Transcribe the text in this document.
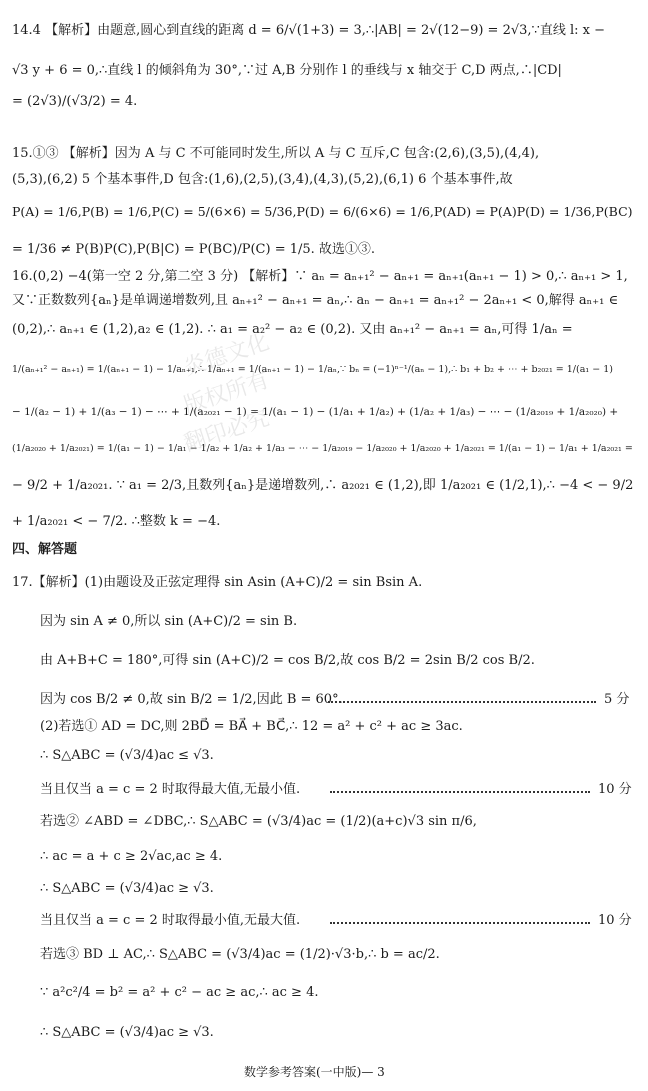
炎德文化
版权所有
翻印必究
14.4 【解析】由题意,圆心到直线的距离 d = 6/√(1+3) = 3,∴|AB| = 2√(12−9) = 2√3,∵直线 l: x −
√3 y + 6 = 0,∴直线 l 的倾斜角为 30°,∵过 A,B 分别作 l 的垂线与 x 轴交于 C,D 两点,∴|CD|
= (2√3)/(√3/2) = 4.
15.①③ 【解析】因为 A 与 C 不可能同时发生,所以 A 与 C 互斥,C 包含:(2,6),(3,5),(4,4),
(5,3),(6,2) 5 个基本事件,D 包含:(1,6),(2,5),(3,4),(4,3),(5,2),(6,1) 6 个基本事件,故
P(A) = 1/6,P(B) = 1/6,P(C) = 5/(6×6) = 5/36,P(D) = 6/(6×6) = 1/6,P(AD) = P(A)P(D) = 1/36,P(BC)
= 1/36 ≠ P(B)P(C),P(B|C) = P(BC)/P(C) = 1/5. 故选①③.
16.(0,2) −4(第一空 2 分,第二空 3 分) 【解析】∵ aₙ = aₙ₊₁² − aₙ₊₁ = aₙ₊₁(aₙ₊₁ − 1) > 0,∴ aₙ₊₁ > 1,
又∵正数数列{aₙ}是单调递增数列,且 aₙ₊₁² − aₙ₊₁ = aₙ,∴ aₙ − aₙ₊₁ = aₙ₊₁² − 2aₙ₊₁ < 0,解得 aₙ₊₁ ∈
(0,2),∴ aₙ₊₁ ∈ (1,2),a₂ ∈ (1,2). ∴ a₁ = a₂² − a₂ ∈ (0,2). 又由 aₙ₊₁² − aₙ₊₁ = aₙ,可得 1/aₙ =
1/(aₙ₊₁² − aₙ₊₁) = 1/(aₙ₊₁ − 1) − 1/aₙ₊₁,∴ 1/aₙ₊₁ = 1/(aₙ₊₁ − 1) − 1/aₙ,∵ bₙ = (−1)ⁿ⁻¹/(aₙ − 1),∴ b₁ + b₂ + ⋯ + b₂₀₂₁ = 1/(a₁ − 1)
− 1/(a₂ − 1) + 1/(a₃ − 1) − ⋯ + 1/(a₂₀₂₁ − 1) = 1/(a₁ − 1) − (1/a₁ + 1/a₂) + (1/a₂ + 1/a₃) − ⋯ − (1/a₂₀₁₉ + 1/a₂₀₂₀) +
(1/a₂₀₂₀ + 1/a₂₀₂₁) = 1/(a₁ − 1) − 1/a₁ − 1/a₂ + 1/a₂ + 1/a₃ − ⋯ − 1/a₂₀₁₉ − 1/a₂₀₂₀ + 1/a₂₀₂₀ + 1/a₂₀₂₁ = 1/(a₁ − 1) − 1/a₁ + 1/a₂₀₂₁ =
− 9/2 + 1/a₂₀₂₁. ∵ a₁ = 2/3,且数列{aₙ}是递增数列,∴ a₂₀₂₁ ∈ (1,2),即 1/a₂₀₂₁ ∈ (1/2,1),∴ −4 < − 9/2
+ 1/a₂₀₂₁ < − 7/2. ∴整数 k = −4.
四、解答题
17.【解析】(1)由题设及正弦定理得 sin Asin (A+C)/2 = sin Bsin A.
因为 sin A ≠ 0,所以 sin (A+C)/2 = sin B.
由 A+B+C = 180°,可得 sin (A+C)/2 = cos B/2,故 cos B/2 = 2sin B/2 cos B/2.
因为 cos B/2 ≠ 0,故 sin B/2 = 1/2,因此 B = 60°.	5 分
(2)若选① AD = DC,则 2BD⃗ = BA⃗ + BC⃗,∴ 12 = a² + c² + ac ≥ 3ac.
∴ S△ABC = (√3/4)ac ≤ √3.
当且仅当 a = c = 2 时取得最大值,无最小值.	10 分
若选② ∠ABD = ∠DBC,∴ S△ABC = (√3/4)ac = (1/2)(a+c)√3 sin π/6,
∴ ac = a + c ≥ 2√ac,ac ≥ 4.
∴ S△ABC = (√3/4)ac ≥ √3.
当且仅当 a = c = 2 时取得最小值,无最大值.	10 分
若选③ BD ⊥ AC,∴ S△ABC = (√3/4)ac = (1/2)·√3·b,∴ b = ac/2.
∵ a²c²/4 = b² = a² + c² − ac ≥ ac,∴ ac ≥ 4.
∴ S△ABC = (√3/4)ac ≥ √3.
数学参考答案(一中版)— 3
